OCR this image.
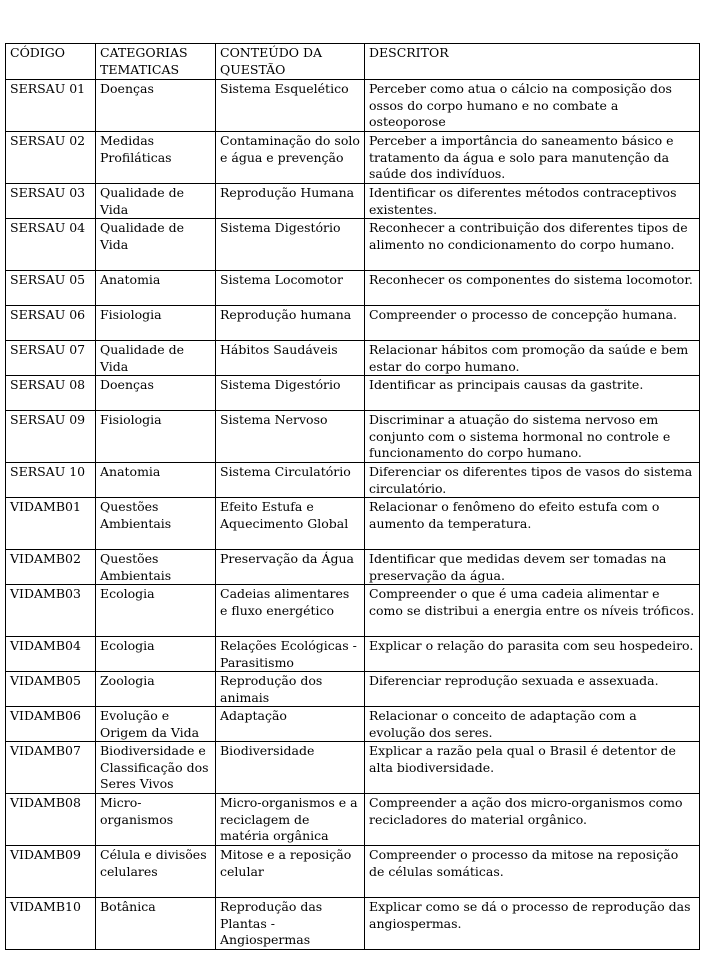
CÓDIGO	CATEGORIAS TEMATICAS	CONTEÚDO DA QUESTÃO	DESCRITOR
SERSAU 01	Doenças	Sistema Esquelético	Perceber como atua o cálcio na composição dos ossos do corpo humano e no combate a osteoporose
SERSAU 02	Medidas Profiláticas	Contaminação do solo e água e prevenção	Perceber a importância do saneamento básico e tratamento da água e solo para manutenção da saúde dos indivíduos.
SERSAU 03	Qualidade de Vida	Reprodução Humana	Identificar os diferentes métodos contraceptivos existentes.
SERSAU 04	Qualidade de Vida	Sistema Digestório	Reconhecer a contribuição dos diferentes tipos de alimento no condicionamento do corpo humano.
SERSAU 05	Anatomia	Sistema Locomotor	Reconhecer os componentes do sistema locomotor.
SERSAU 06	Fisiologia	Reprodução humana	Compreender o processo de concepção humana.
SERSAU 07	Qualidade de Vida	Hábitos Saudáveis	Relacionar hábitos com promoção da saúde e bem estar do corpo humano.
SERSAU 08	Doenças	Sistema Digestório	Identificar as principais causas da gastrite.
SERSAU 09	Fisiologia	Sistema Nervoso	Discriminar a atuação do sistema nervoso em conjunto com o sistema hormonal no controle e funcionamento do corpo humano.
SERSAU 10	Anatomia	Sistema Circulatório	Diferenciar os diferentes tipos de vasos do sistema circulatório.
VIDAMB01	Questões Ambientais	Efeito Estufa e Aquecimento Global	Relacionar o fenômeno do efeito estufa com o aumento da temperatura.
VIDAMB02	Questões Ambientais	Preservação da Água	Identificar que medidas devem ser tomadas na preservação da água.
VIDAMB03	Ecologia	Cadeias alimentares e fluxo energético	Compreender o que é uma cadeia alimentar e como se distribui a energia entre os níveis tróficos.
VIDAMB04	Ecologia	Relações Ecológicas - Parasitismo	Explicar o relação do parasita com seu hospedeiro.
VIDAMB05	Zoologia	Reprodução dos animais	Diferenciar reprodução sexuada e assexuada.
VIDAMB06	Evolução e Origem da Vida	Adaptação	Relacionar o conceito de adaptação com a evolução dos seres.
VIDAMB07	Biodiversidade e Classificação dos Seres Vivos	Biodiversidade	Explicar a razão pela qual o Brasil é detentor de alta biodiversidade.
VIDAMB08	Micro-organismos	Micro-organismos e a reciclagem de matéria orgânica	Compreender a ação dos micro-organismos como recicladores do material orgânico.
VIDAMB09	Célula e divisões celulares	Mitose e a reposição celular	Compreender o processo da mitose na reposição de células somáticas.
VIDAMB10	Botânica	Reprodução das Plantas - Angiospermas	Explicar como se dá o processo de reprodução das angiospermas.
